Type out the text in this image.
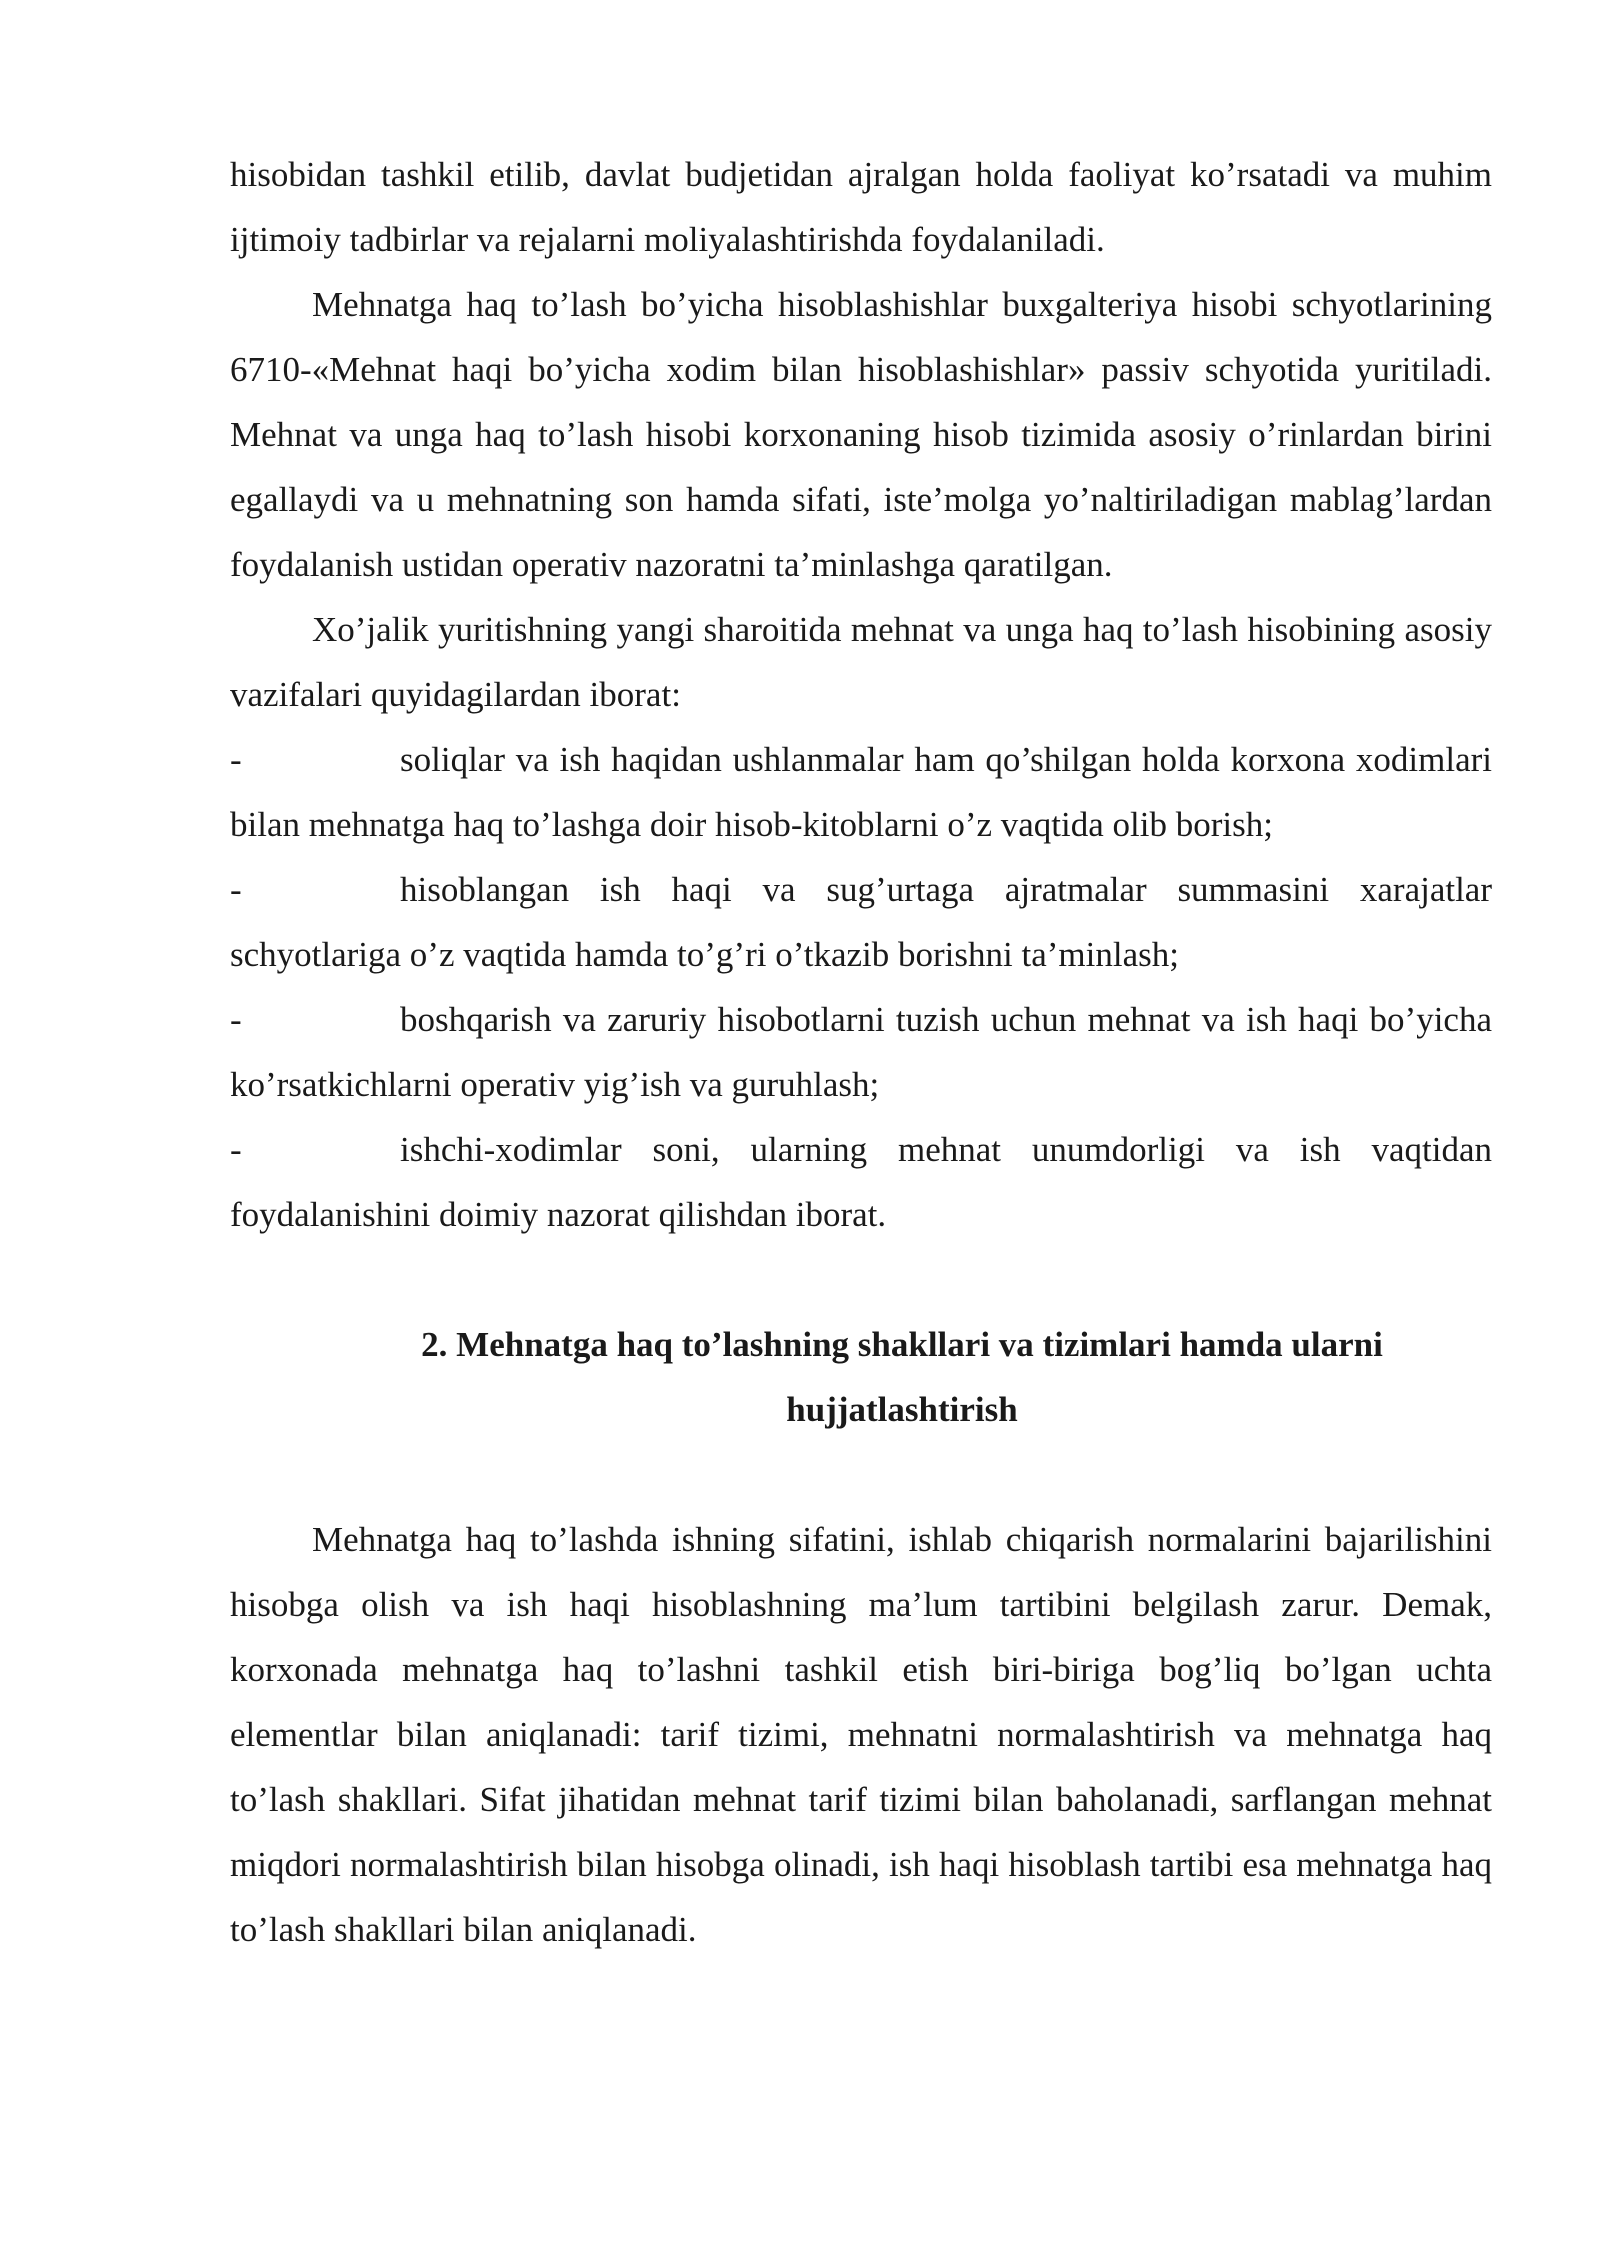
hisobidan tashkil etilib, davlat budjetidan ajralgan holda faoliyat ko’rsatadi va muhim ijtimoiy tadbirlar va rejalarni moliyalashtirishda foydalaniladi.

Mehnatga haq to’lash bo’yicha hisoblashishlar buxgalteriya hisobi schyotlarining 6710-«Mehnat haqi bo’yicha xodim bilan hisoblashishlar» passiv schyotida yuritiladi. Mehnat va unga haq to’lash hisobi korxonaning hisob tizimida asosiy o’rinlardan birini egallaydi va u mehnatning son hamda sifati, iste’molga yo’naltiriladigan mablag’lardan foydalanish ustidan operativ nazoratni ta’minlashga qaratilgan.

Xo’jalik yuritishning yangi sharoitida mehnat va unga haq to’lash hisobining asosiy vazifalari quyidagilardan iborat:

-	soliqlar va ish haqidan ushlanmalar ham qo’shilgan holda korxona xodimlari bilan mehnatga haq to’lashga doir hisob-kitoblarni o’z vaqtida olib borish;

-	hisoblangan ish haqi va sug’urtaga ajratmalar summasini xarajatlar schyotlariga o’z vaqtida hamda to’g’ri o’tkazib borishni ta’minlash;

-	boshqarish va zaruriy hisobotlarni tuzish uchun mehnat va ish haqi bo’yicha ko’rsatkichlarni operativ yig’ish va guruhlash;

-	ishchi-xodimlar soni, ularning mehnat unumdorligi va ish vaqtidan foydalanishini doimiy nazorat qilishdan iborat.

2. Mehnatga haq to’lashning shakllari va tizimlari hamda ularni
hujjatlashtirish

Mehnatga haq to’lashda ishning sifatini, ishlab chiqarish normalarini bajarilishini hisobga olish va ish haqi hisoblashning ma’lum tartibini belgilash zarur. Demak, korxonada mehnatga haq to’lashni tashkil etish biri-biriga bog’liq bo’lgan uchta elementlar bilan aniqlanadi: tarif tizimi, mehnatni normalashtirish va mehnatga haq to’lash shakllari. Sifat jihatidan mehnat tarif tizimi bilan baholanadi, sarflangan mehnat miqdori normalashtirish bilan hisobga olinadi, ish haqi hisoblash tartibi esa mehnatga haq to’lash shakllari bilan aniqlanadi.
